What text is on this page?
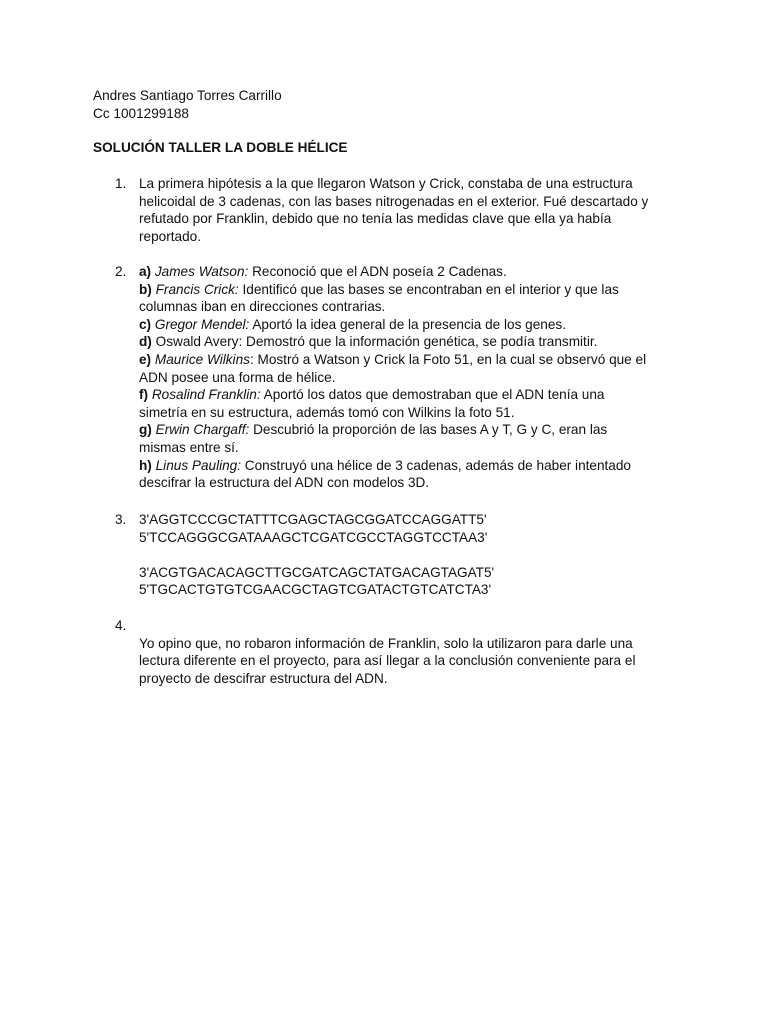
Andres Santiago Torres Carrillo
Cc 1001299188
SOLUCIÓN TALLER LA DOBLE HÉLICE
1. La primera hipótesis a la que llegaron Watson y Crick, constaba de una estructura
helicoidal de 3 cadenas, con las bases nitrogenadas en el exterior. Fué descartado y
refutado por Franklin, debido que no tenía las medidas clave que ella ya había
reportado.
2. a) James Watson: Reconoció que el ADN poseía 2 Cadenas.
b) Francis Crick: Identificó que las bases se encontraban en el interior y que las
columnas iban en direcciones contrarias.
c) Gregor Mendel: Aportó la idea general de la presencia de los genes.
d) Oswald Avery: Demostró que la información genética, se podía transmitir.
e) Maurice Wilkins: Mostró a Watson y Crick la Foto 51, en la cual se observó que el
ADN posee una forma de hélice.
f) Rosalind Franklin: Aportó los datos que demostraban que el ADN tenía una
simetría en su estructura, además tomó con Wilkins la foto 51.
g) Erwin Chargaff: Descubrió la proporción de las bases A y T, G y C, eran las
mismas entre sí.
h) Linus Pauling: Construyó una hélice de 3 cadenas, además de haber intentado
descifrar la estructura del ADN con modelos 3D.
3. 3'AGGTCCCGCTATTTCGAGCTAGCGGATCCAGGATT5'
5'TCCAGGGCGATAAAGCTCGATCGCCTAGGTCCTAA3'
3'ACGTGACACAGCTTGCGATCAGCTATGACAGTAGAT5'
5'TGCACTGTGTCGAACGCTAGTCGATACTGTCATCTA3'
4.
Yo opino que, no robaron información de Franklin, solo la utilizaron para darle una
lectura diferente en el proyecto, para así llegar a la conclusión conveniente para el
proyecto de descifrar estructura del ADN.
